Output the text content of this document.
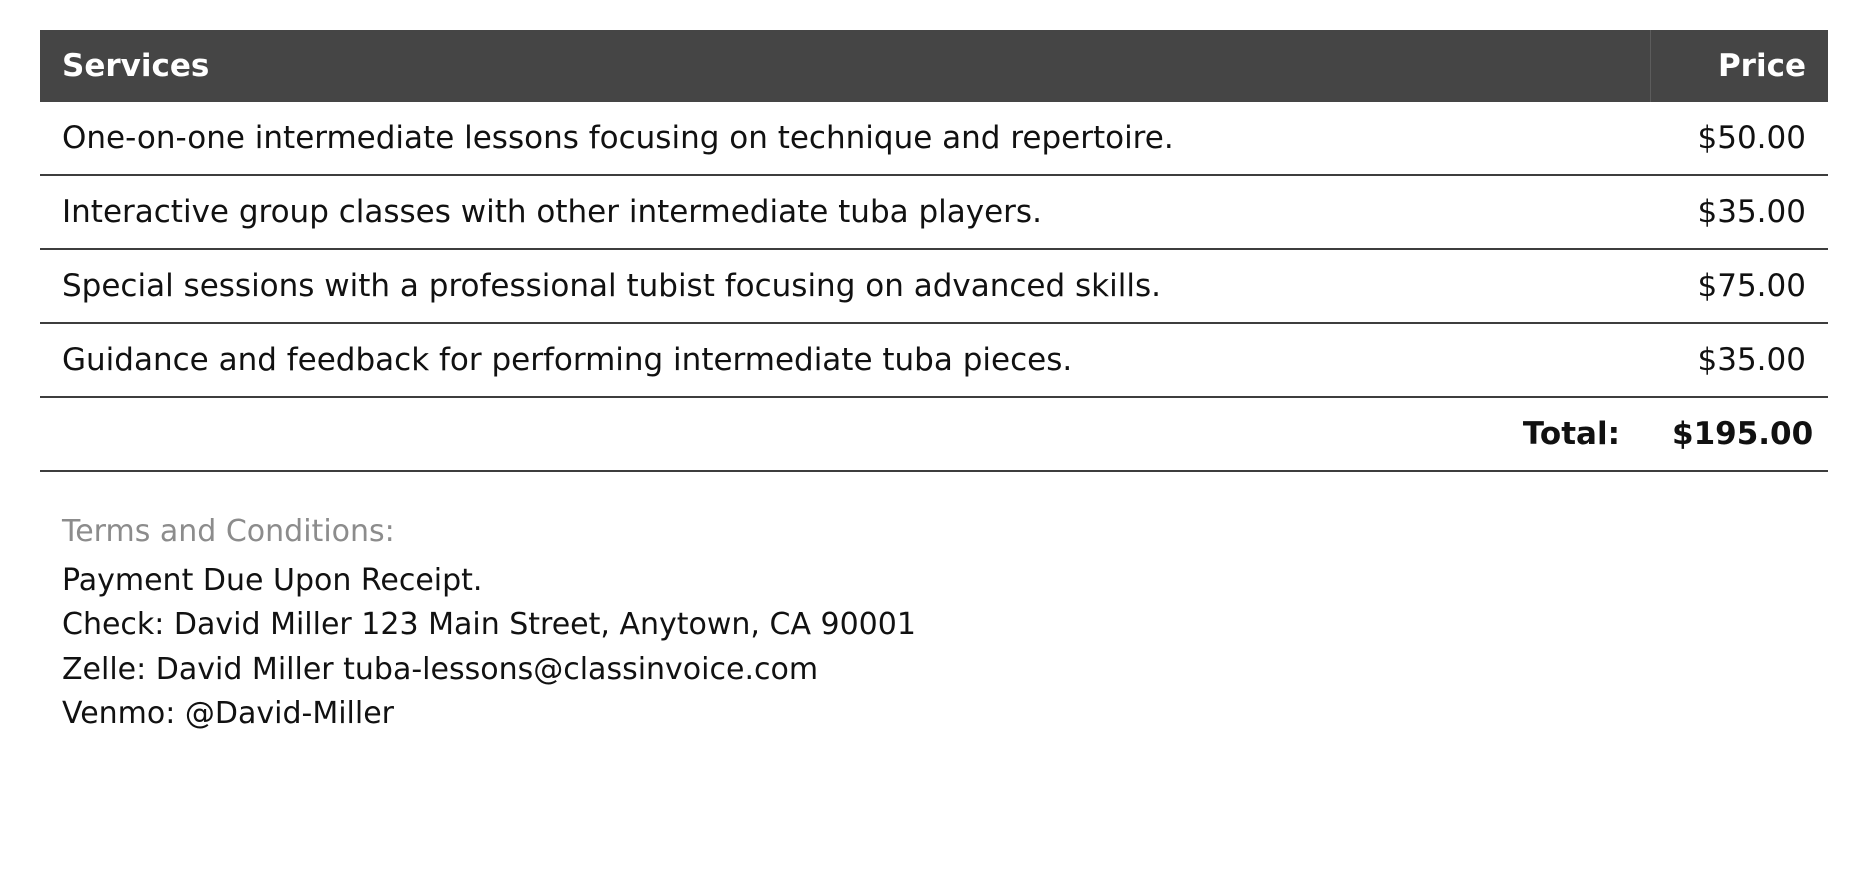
Services	Price
One-on-one intermediate lessons focusing on technique and repertoire.	$50.00
Interactive group classes with other intermediate tuba players.	$35.00
Special sessions with a professional tubist focusing on advanced skills.	$75.00
Guidance and feedback for performing intermediate tuba pieces.	$35.00
Total:	$195.00
Terms and Conditions:
Payment Due Upon Receipt.
Check: David Miller 123 Main Street, Anytown, CA 90001
Zelle: David Miller tuba-lessons@classinvoice.com
Venmo: @David-Miller
